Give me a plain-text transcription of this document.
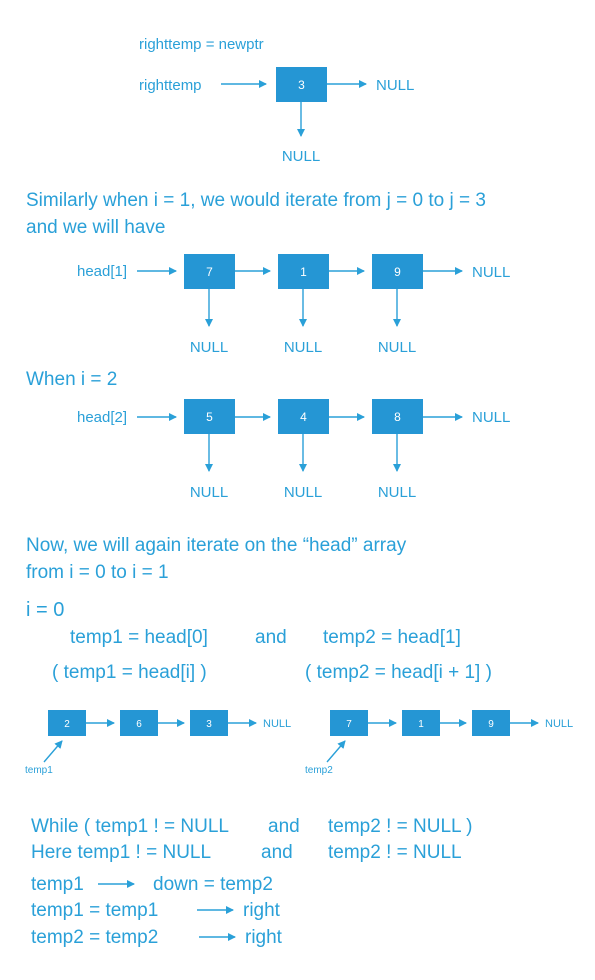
righttemp = newptr
righttemp	3	NULL
NULL
Similarly when i = 1, we would iterate from j = 0 to j = 3
and we will have
head[1]	7	1	9	NULL
NULL	NULL	NULL
When i = 2
head[2]	5	4	8	NULL
NULL	NULL	NULL
Now, we will again iterate on the “head” array
from i = 0 to i = 1
i = 0
temp1 = head[0] and temp2 = head[1]
( temp1 = head[i] )	( temp2 = head[i + 1] )
2	6	3	NULL
temp1
7	1	9	NULL
temp2
While ( temp1 ! = NULL and temp2 ! = NULL )
Here temp1 ! = NULL	and temp2 ! = NULL
temp1	down = temp2
temp1 = temp1	right
temp2 = temp2	right
